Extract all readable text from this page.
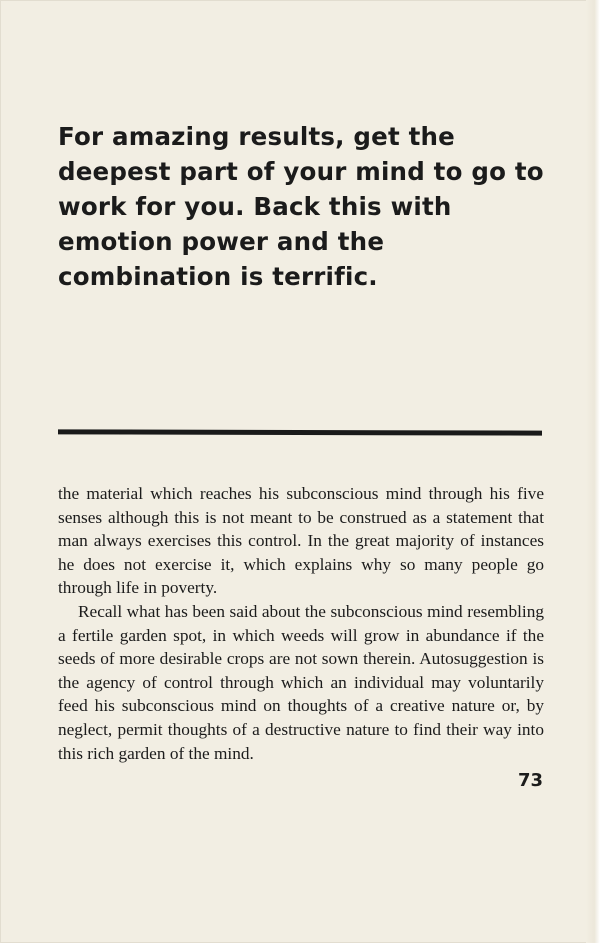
For amazing results, get the deepest part of your mind to go to work for you. Back this with emotion power and the combination is terrific.

the material which reaches his subconscious mind through his five senses although this is not meant to be construed as a statement that man always exercises this control. In the great majority of instances he does not exercise it, which explains why so many people go through life in poverty.

Recall what has been said about the subconscious mind resembling a fertile garden spot, in which weeds will grow in abundance if the seeds of more desirable crops are not sown therein. Autosuggestion is the agency of control through which an individual may voluntarily feed his subconscious mind on thoughts of a creative nature or, by neglect, permit thoughts of a destructive nature to find their way into this rich garden of the mind.

73
